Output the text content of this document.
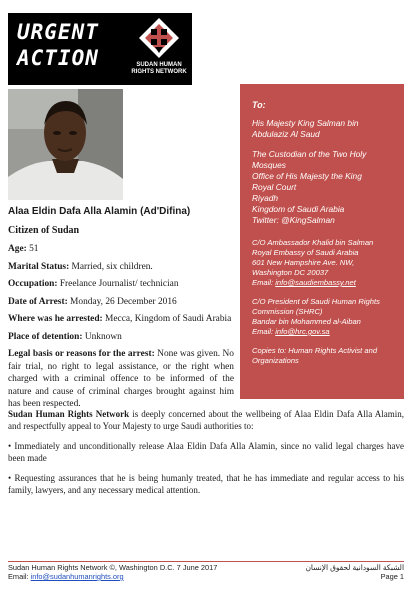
URGENT
ACTION	SUDAN HUMAN
RIGHTS NETWORK
Alaa Eldin Dafa Alla Alamin (Ad'Difina)
Citizen of Sudan

Age: 51

Marital Status: Married, six children.

Occupation: Freelance Journalist/ technician

Date of Arrest: Monday, 26 December 2016

Where was he arrested: Mecca, Kingdom of Saudi Arabia

Place of detention: Unknown

Legal basis or reasons for the arrest: None was given. No fair trial, no right to legal assistance, or the right when charged with a criminal offence to be informed of the nature and cause of criminal charges brought against him has been respected.

To:
His Majesty King Salman bin Abdulaziz Al Saud
The Custodian of the Two Holy Mosques
Office of His Majesty the King
Royal Court
Riyadh
Kingdom of Saudi Arabia
Twitter: @KingSalman
C/O Ambassador Khalid bin Salman
Royal Embassy of Saudi Arabia
601 New Hampshire Ave. NW,
Washington DC 20037
Email: info@saudiembassy.net
C/O President of Saudi Human Rights Commission (SHRC)
Bandar bin Mohammed al-Aiban
Email: info@hrc.gov.sa
Copies to: Human Rights Activist and Organizations

Sudan Human Rights Network is deeply concerned about the wellbeing of Alaa Eldin Dafa Alla Alamin, and respectfully appeal to Your Majesty to urge Saudi authorities to:

• Immediately and unconditionally release Alaa Eldin Dafa Alla Alamin, since no valid legal charges have been made

• Requesting assurances that he is being humanly treated, that he has immediate and regular access to his family, lawyers, and any necessary medical attention.

Sudan Human Rights Network ©, Washington D.C. 7 June 2017
Email: info@sudanhumanrights.org
الشبكة السودانية لحقوق الإنسان
Page 1
